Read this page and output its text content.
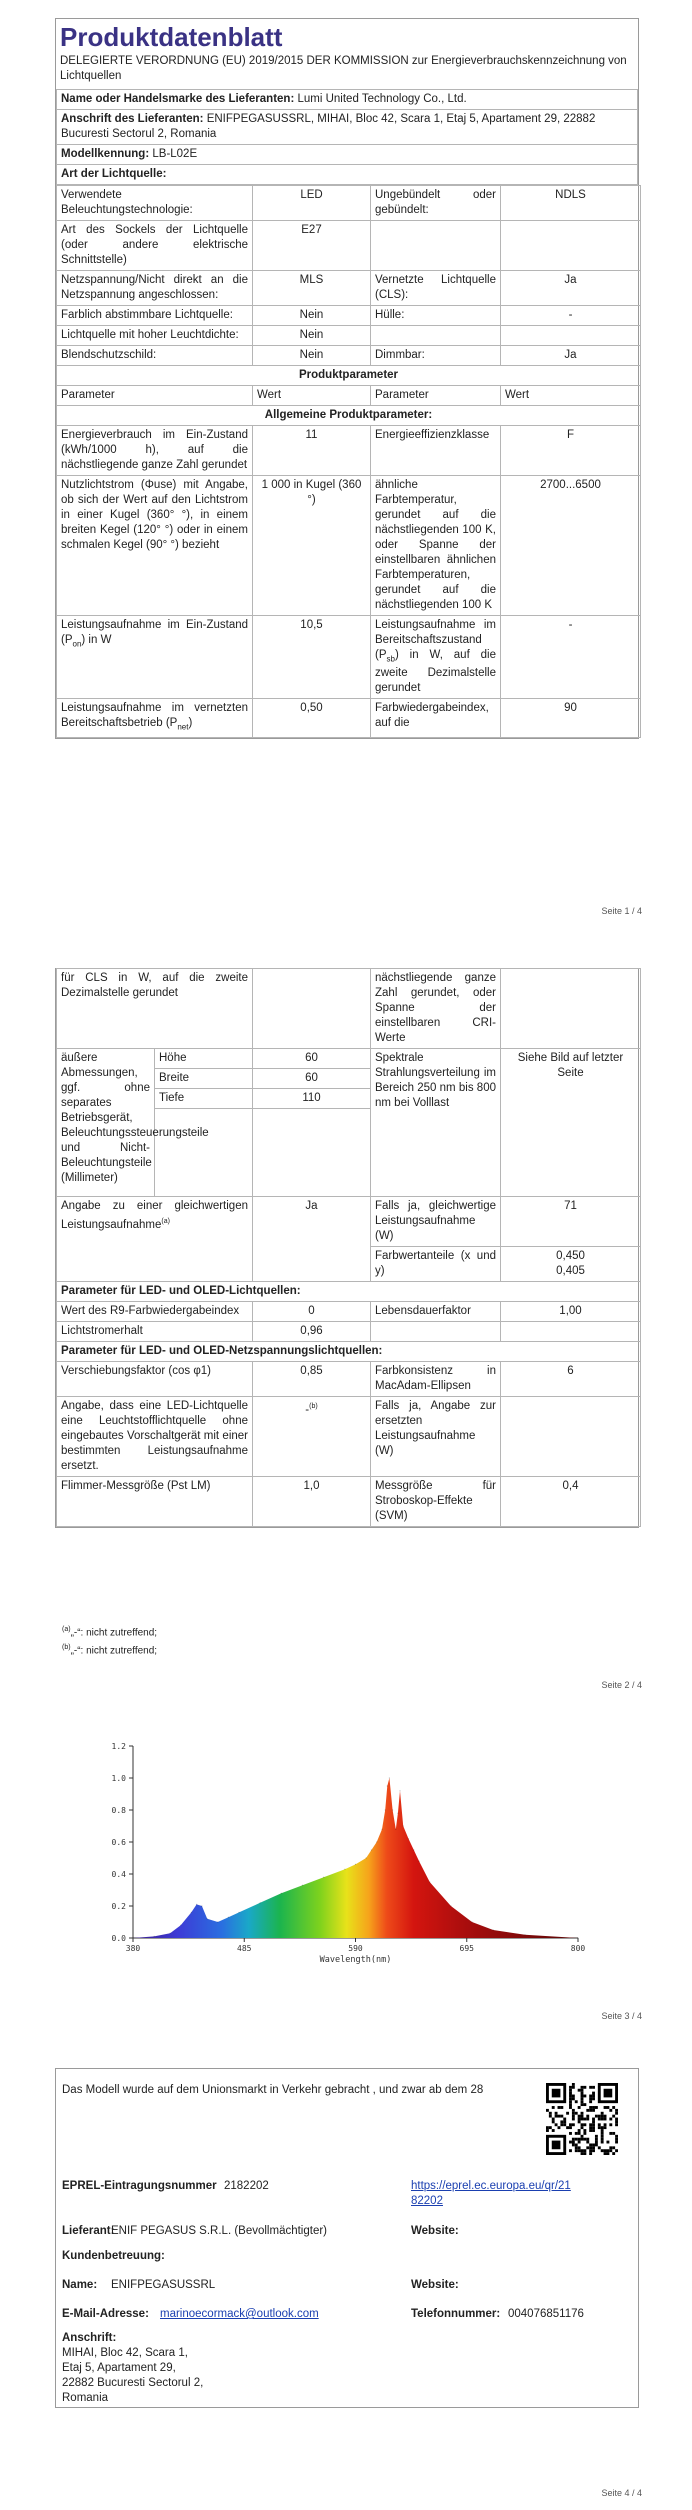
Produktdatenblatt
DELEGIERTE VERORDNUNG (EU) 2019/2015 DER KOMMISSION zur Energieverbrauchskennzeichnung von Lichtquellen
Name oder Handelsmarke des Lieferanten: Lumi United Technology Co., Ltd.
Anschrift des Lieferanten: ENIFPEGASUSSRL, MIHAI, Bloc 42, Scara 1, Etaj 5, Apartament 29, 22882 Bucuresti Sectorul 2, Romania
Modellkennung: LB-L02E
Art der Lichtquelle:
Verwendete Beleuchtungstechnologie:	LED	Ungebündelt oder gebündelt:	NDLS
Art des Sockels der Lichtquelle (oder andere elektrische Schnittstelle)	E27		
Netzspannung/Nicht direkt an die Netzspannung angeschlossen:	MLS	Vernetzte Lichtquelle (CLS):	Ja
Farblich abstimmbare Lichtquelle:	Nein	Hülle:	-
Lichtquelle mit hoher Leuchtdichte:	Nein		
Blendschutzschild:	Nein	Dimmbar:	Ja
Produktparameter			
Parameter	Wert	Parameter	Wert
Allgemeine Produktparameter:			
Energieverbrauch im Ein-Zustand (kWh/1000 h), auf die nächstliegende ganze Zahl gerundet	11	Energieeffizienzklasse	F
Nutzlichtstrom (Φuse) mit Angabe, ob sich der Wert auf den Lichtstrom in einer Kugel (360° °), in einem breiten Kegel (120° °) oder in einem schmalen Kegel (90° °) bezieht	1 000 in Kugel (360 °)	ähnliche Farbtemperatur, gerundet auf die nächstliegenden 100 K, oder Spanne der einstellbaren ähnlichen Farbtemperaturen, gerundet auf die nächstliegenden 100 K	2700...6500
Leistungsaufnahme im Ein-Zustand $(P_{on})$ in W	10,5	Leistungsaufnahme im Bereitschaftszustand $(P_{sb})$ in W, auf die zweite Dezimalstelle gerundet	-
Leistungsaufnahme im vernetzten Bereitschaftsbetrieb $(P_{net})$	0,50	Farbwiedergabeindex, auf die	90
Seite 1 / 4
für CLS in W, auf die zweite Dezimalstelle gerundet			nächstliegende ganze Zahl gerundet, oder Spanne der einstellbaren CRI-Werte	
äußere Abmessungen, ggf. ohne separates Betriebsgerät, Beleuchtungssteuerungsteile und Nicht-Beleuchtungsteile (Millimeter)	Höhe	60	Spektrale Strahlungsverteilung im Bereich 250 nm bis 800 nm bei Volllast	Siehe Bild auf letzter Seite
	Breite	60		
	Tiefe	110		

Angabe zu einer gleichwertigen Leistungsaufnahme$^{(a)}$		Ja	Falls ja, gleichwertige Leistungsaufnahme (W)	71
			Farbwertanteile (x und y)	0,450
0,405

Parameter für LED- und OLED-Lichtquellen:				
Wert des R9-Farbwiedergabeindex		0	Lebensdauerfaktor	1,00
Lichtstromerhalt		0,96		
Parameter für LED- und OLED-Netzspannungslichtquellen:				
Verschiebungsfaktor (cos φ1)		0,85	Farbkonsistenz in MacAdam-Ellipsen	6
Angabe, dass eine LED-Lichtquelle eine Leuchtstofflichtquelle ohne eingebautes Vorschaltgerät mit einer bestimmten Leistungsaufnahme ersetzt.		-$^{(b)}$	Falls ja, Angabe zur ersetzten Leistungsaufnahme (W)	
Flimmer-Messgröße (Pst LM)		1,0	Messgröße für Stroboskop-Effekte (SVM)	0,4
$^{(a)}$„-“: nicht zutreffend;
$^{(b)}$„-“: nicht zutreffend;
Seite 2 / 4
0.0
0.2
0.4
0.6
0.8
1.0
1.2
380	485	590	695	800
Wavelength(nm)
Seite 3 / 4
Das Modell wurde auf dem Unionsmarkt in Verkehr gebracht , und zwar ab dem 28
EPREL-Eintragungsnummer 2182202	https://eprel.ec.europa.eu/qr/21
82202
Lieferant:
ENIF PEGASUS S.R.L. (Bevollmächtigter)	Website:
Kundenbetreuung:
Name: ENIFPEGASUSSRL	Website:
E-Mail-Adresse: marinoecormack@outlook.com	Telefonnummer: 004076851176
Anschrift:
MIHAI, Bloc 42, Scara 1,
Etaj 5, Apartament 29,
22882 Bucuresti Sectorul 2,
Romania
Seite 4 / 4
